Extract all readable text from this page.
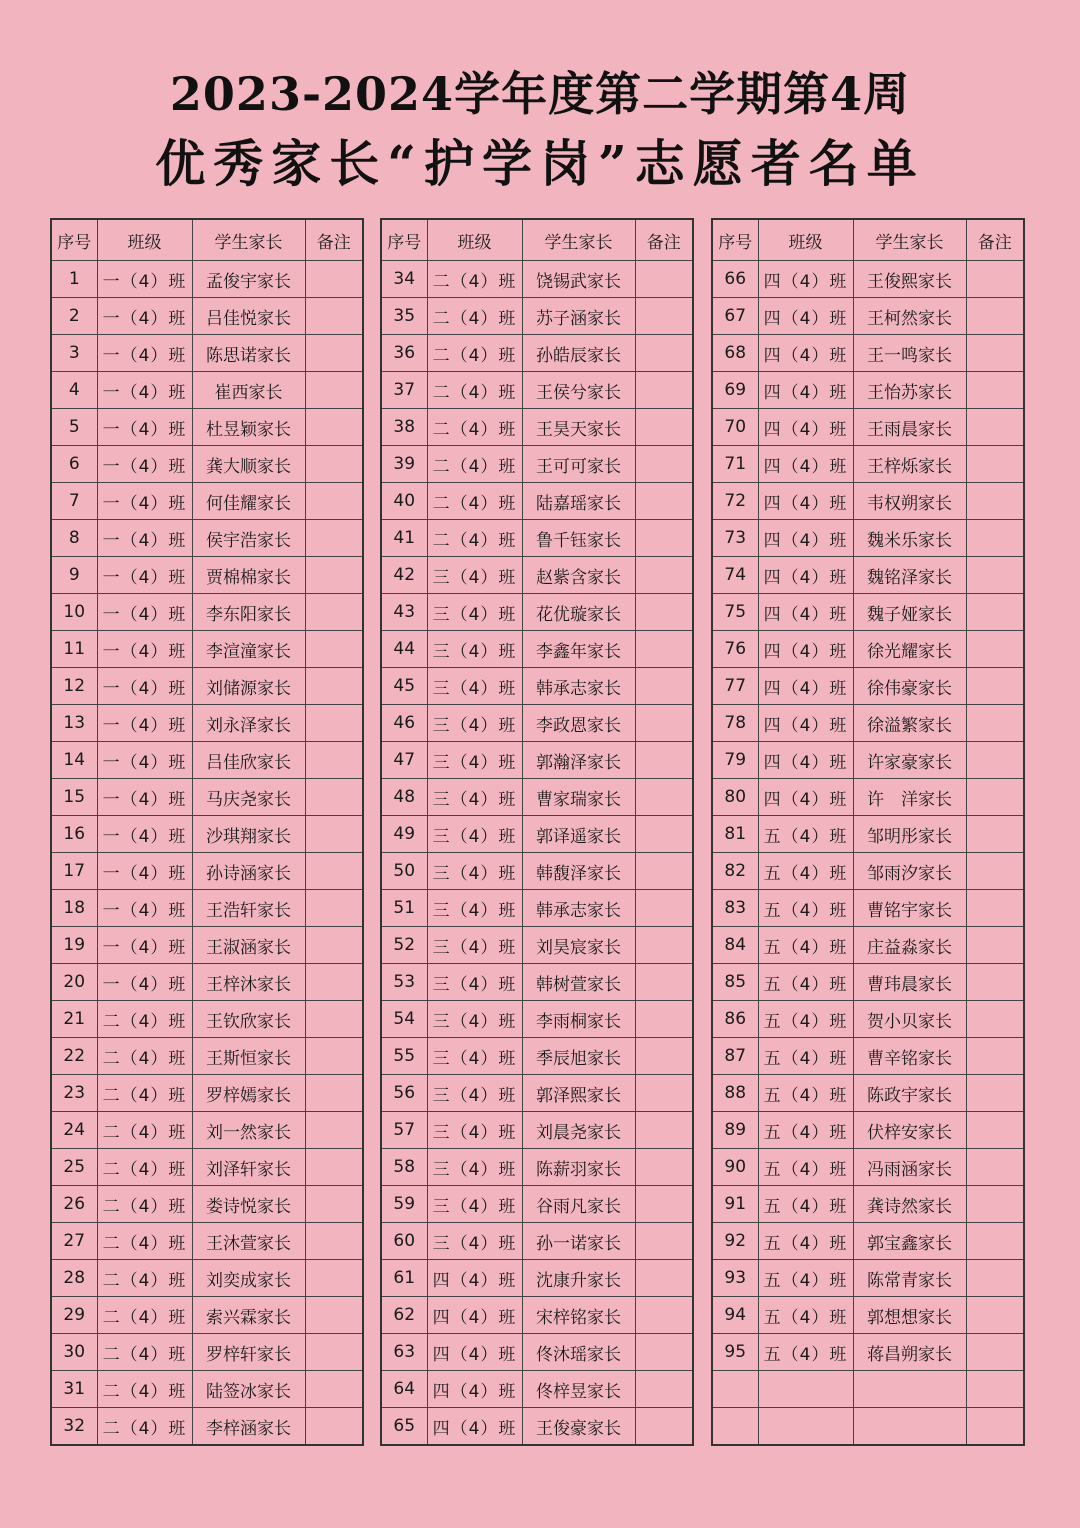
2023-2024学年度第二学期第4周
优秀家长“护学岗”志愿者名单
序号	班级	学生家长	备注
1	一（4）班	孟俊宇家长	
2	一（4）班	吕佳悦家长	
3	一（4）班	陈思诺家长	
4	一（4）班	崔西家长	
5	一（4）班	杜昱颖家长	
6	一（4）班	龚大顺家长	
7	一（4）班	何佳耀家长	
8	一（4）班	侯宇浩家长	
9	一（4）班	贾棉棉家长	
10	一（4）班	李东阳家长	
11	一（4）班	李渲潼家长	
12	一（4）班	刘储源家长	
13	一（4）班	刘永泽家长	
14	一（4）班	吕佳欣家长	
15	一（4）班	马庆尧家长	
16	一（4）班	沙琪翔家长	
17	一（4）班	孙诗涵家长	
18	一（4）班	王浩轩家长	
19	一（4）班	王淑涵家长	
20	一（4）班	王梓沐家长	
21	二（4）班	王钦欣家长	
22	二（4）班	王斯恒家长	
23	二（4）班	罗梓嫣家长	
24	二（4）班	刘一然家长	
25	二（4）班	刘泽轩家长	
26	二（4）班	娄诗悦家长	
27	二（4）班	王沐萱家长	
28	二（4）班	刘奕成家长	
29	二（4）班	索兴霖家长	
30	二（4）班	罗梓轩家长	
31	二（4）班	陆签冰家长	
32	二（4）班	李梓涵家长	
序号	班级	学生家长	备注
34	二（4）班	饶锡武家长	
35	二（4）班	苏子涵家长	
36	二（4）班	孙皓辰家长	
37	二（4）班	王侯兮家长	
38	二（4）班	王昊天家长	
39	二（4）班	王可可家长	
40	二（4）班	陆嘉瑶家长	
41	二（4）班	鲁千钰家长	
42	三（4）班	赵紫含家长	
43	三（4）班	花优璇家长	
44	三（4）班	李鑫年家长	
45	三（4）班	韩承志家长	
46	三（4）班	李政恩家长	
47	三（4）班	郭瀚泽家长	
48	三（4）班	曹家瑞家长	
49	三（4）班	郭译遥家长	
50	三（4）班	韩馥泽家长	
51	三（4）班	韩承志家长	
52	三（4）班	刘昊宸家长	
53	三（4）班	韩树萱家长	
54	三（4）班	李雨桐家长	
55	三（4）班	季辰旭家长	
56	三（4）班	郭泽熙家长	
57	三（4）班	刘晨尧家长	
58	三（4）班	陈薪羽家长	
59	三（4）班	谷雨凡家长	
60	三（4）班	孙一诺家长	
61	四（4）班	沈康升家长	
62	四（4）班	宋梓铭家长	
63	四（4）班	佟沐瑶家长	
64	四（4）班	佟梓昱家长	
65	四（4）班	王俊豪家长	
序号	班级	学生家长	备注
66	四（4）班	王俊熙家长	
67	四（4）班	王柯然家长	
68	四（4）班	王一鸣家长	
69	四（4）班	王怡苏家长	
70	四（4）班	王雨晨家长	
71	四（4）班	王梓烁家长	
72	四（4）班	韦权朔家长	
73	四（4）班	魏米乐家长	
74	四（4）班	魏铭泽家长	
75	四（4）班	魏子娅家长	
76	四（4）班	徐光耀家长	
77	四（4）班	徐伟豪家长	
78	四（4）班	徐溢繁家长	
79	四（4）班	许家豪家长	
80	四（4）班	许　洋家长	
81	五（4）班	邹明彤家长	
82	五（4）班	邹雨汐家长	
83	五（4）班	曹铭宇家长	
84	五（4）班	庄益淼家长	
85	五（4）班	曹玮晨家长	
86	五（4）班	贺小贝家长	
87	五（4）班	曹辛铭家长	
88	五（4）班	陈政宇家长	
89	五（4）班	伏梓安家长	
90	五（4）班	冯雨涵家长	
91	五（4）班	龚诗然家长	
92	五（4）班	郭宝鑫家长	
93	五（4）班	陈常青家长	
94	五（4）班	郭想想家长	
95	五（4）班	蒋昌朔家长	
